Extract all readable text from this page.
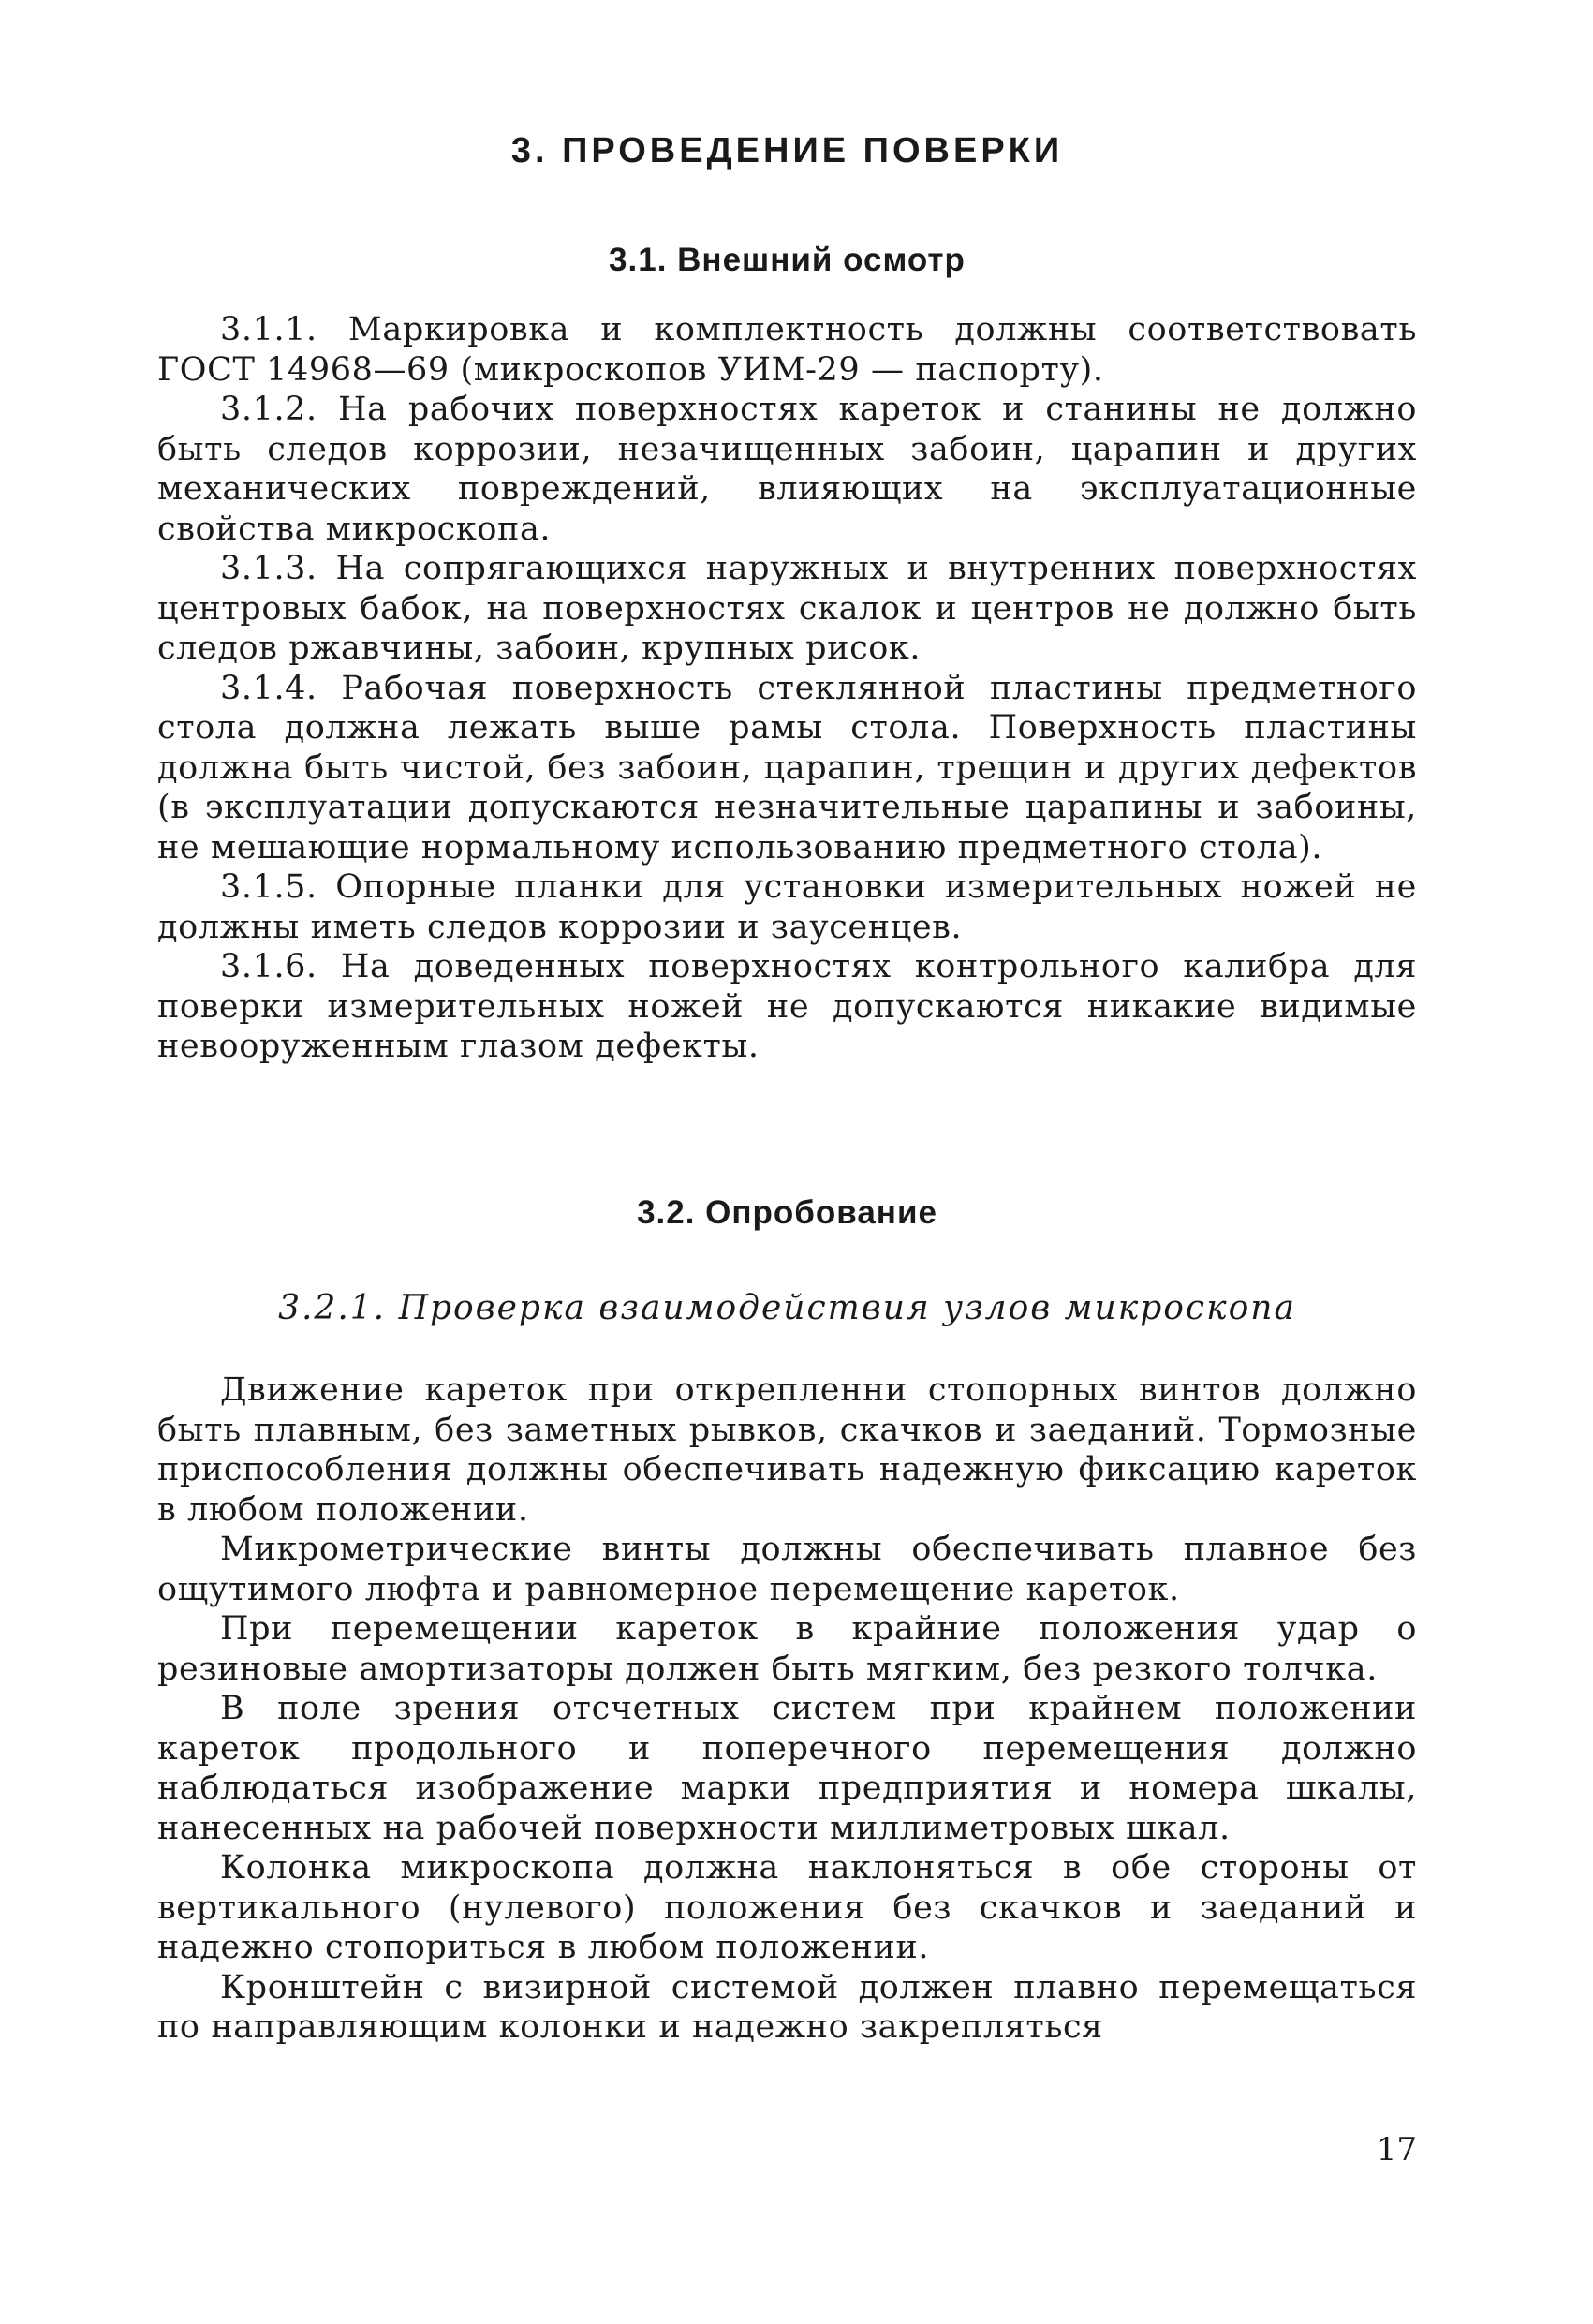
3. ПРОВЕДЕНИЕ ПОВЕРКИ
3.1. Внешний осмотр

3.1.1. Маркировка и комплектность должны соответствовать ГОСТ 14968—69 (микроскопов УИМ-29 — паспорту).

3.1.2. На рабочих поверхностях кареток и станины не должно быть следов коррозии, незачищенных забоин, царапин и других механических повреждений, влияющих на эксплуатационные свойства микроскопа.

3.1.3. На сопрягающихся наружных и внутренних поверхностях центровых бабок, на поверхностях скалок и центров не должно быть следов ржавчины, забоин, крупных рисок.

3.1.4. Рабочая поверхность стеклянной пластины предметного стола должна лежать выше рамы стола. Поверхность пластины должна быть чистой, без забоин, царапин, трещин и других дефектов (в эксплуатации допускаются незначительные царапины и забоины, не мешающие нормальному использованию предметного стола).

3.1.5. Опорные планки для установки измерительных ножей не должны иметь следов коррозии и заусенцев.

3.1.6. На доведенных поверхностях контрольного калибра для поверки измерительных ножей не допускаются никакие видимые невооруженным глазом дефекты.

3.2. Опробование
3.2.1. Проверка взаимодействия узлов микроскопа

Движение кареток при открепленни стопорных винтов должно быть плавным, без заметных рывков, скачков и заеданий. Тормозные приспособления должны обеспечивать надежную фиксацию кареток в любом положении.

Микрометрические винты должны обеспечивать плавное без ощутимого люфта и равномерное перемещение кареток.

При перемещении кареток в крайние положения удар о резиновые амортизаторы должен быть мягким, без резкого толчка.

В поле зрения отсчетных систем при крайнем положении кареток продольного и поперечного перемещения должно наблюдаться изображение марки предприятия и номера шкалы, нанесенных на рабочей поверхности миллиметровых шкал.

Колонка микроскопа должна наклоняться в обе стороны от вертикального (нулевого) положения без скачков и заеданий и надежно стопориться в любом положении.

Кронштейн с визирной системой должен плавно перемещаться по направляющим колонки и надежно закрепляться

17
